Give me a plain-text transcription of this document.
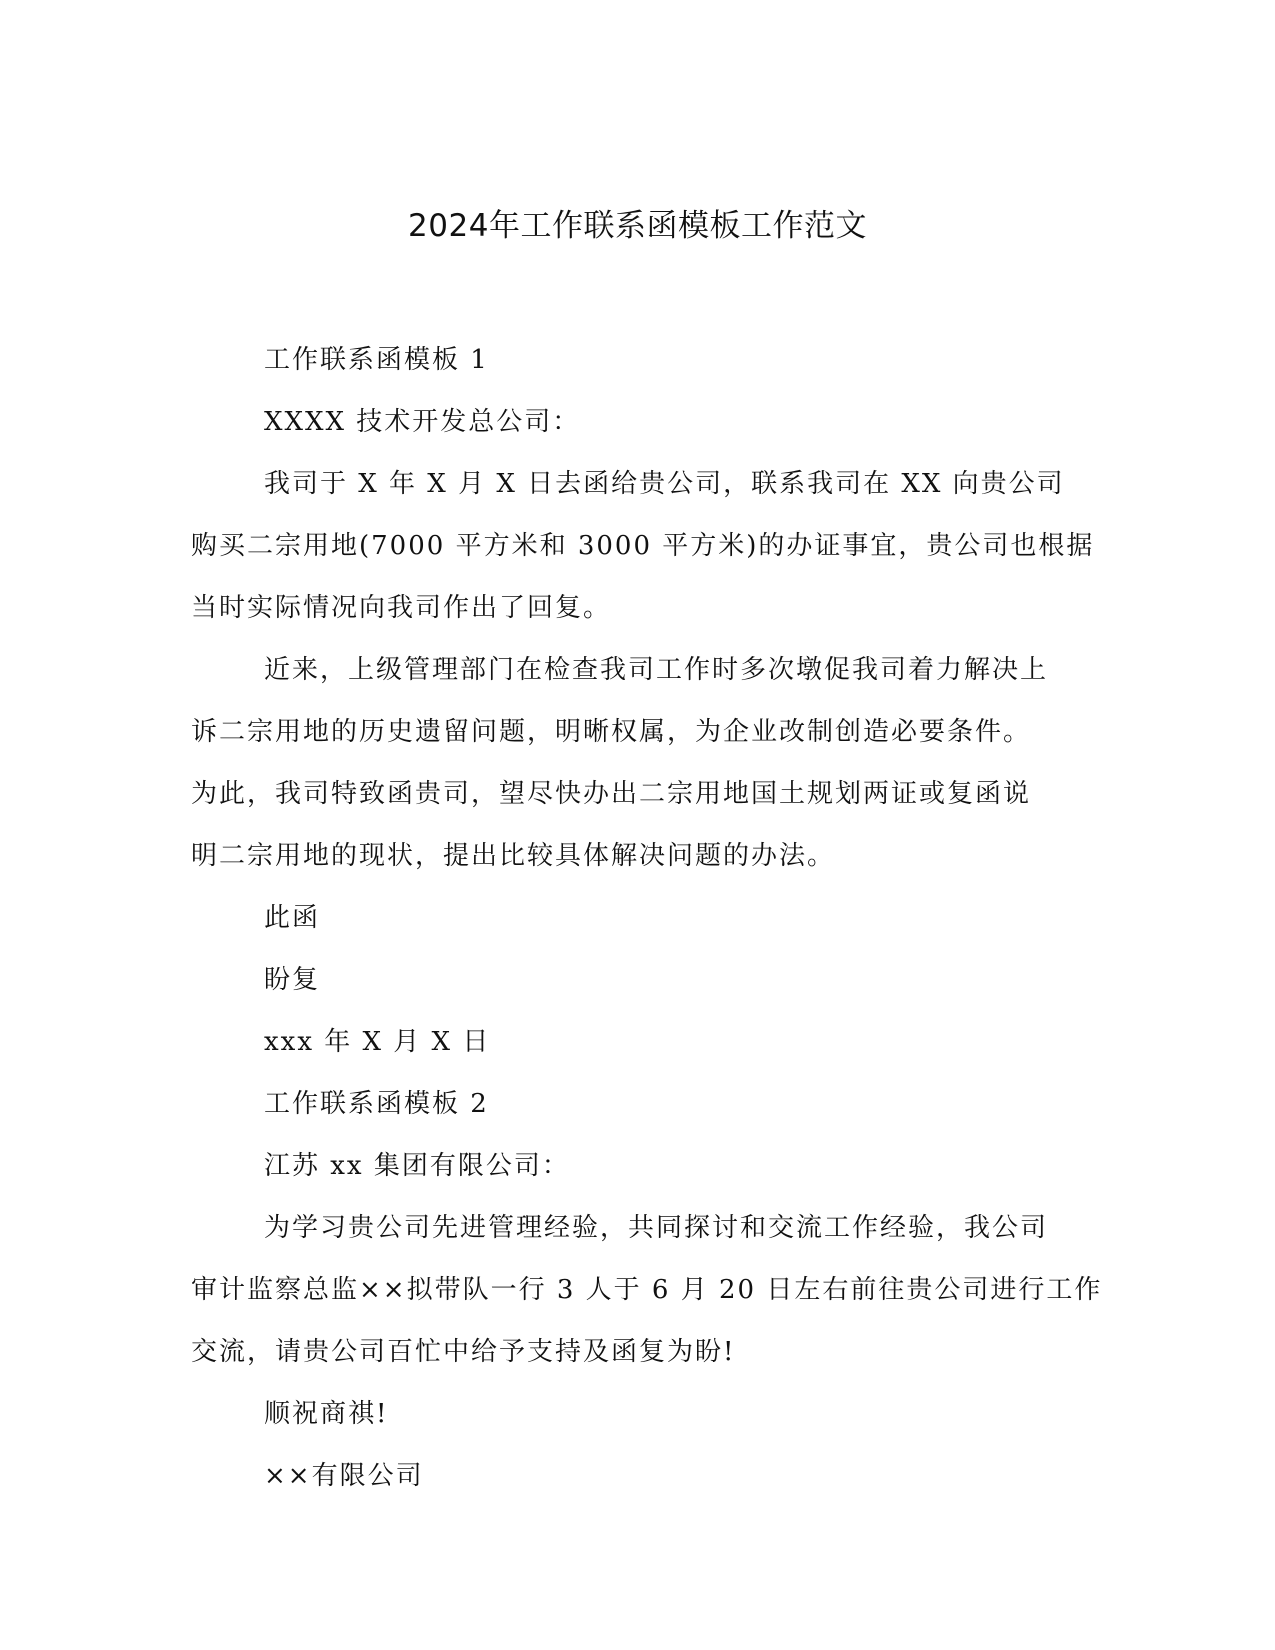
2024年工作联系函模板工作范文
工作联系函模板 1
XXXX 技术开发总公司：
我司于 X 年 X 月 X 日去函给贵公司，联系我司在 XX 向贵公司
购买二宗用地(7000 平方米和 3000 平方米)的办证事宜，贵公司也根据
当时实际情况向我司作出了回复。
近来，上级管理部门在检查我司工作时多次墩促我司着力解决上
诉二宗用地的历史遗留问题，明晰权属，为企业改制创造必要条件。
为此，我司特致函贵司，望尽快办出二宗用地国土规划两证或复函说
明二宗用地的现状，提出比较具体解决问题的办法。
此函
盼复
xxx 年 X 月 X 日
工作联系函模板 2
江苏 xx 集团有限公司：
为学习贵公司先进管理经验，共同探讨和交流工作经验，我公司
审计监察总监××拟带队一行 3 人于 6 月 20 日左右前往贵公司进行工作
交流，请贵公司百忙中给予支持及函复为盼!
顺祝商祺!
××有限公司
